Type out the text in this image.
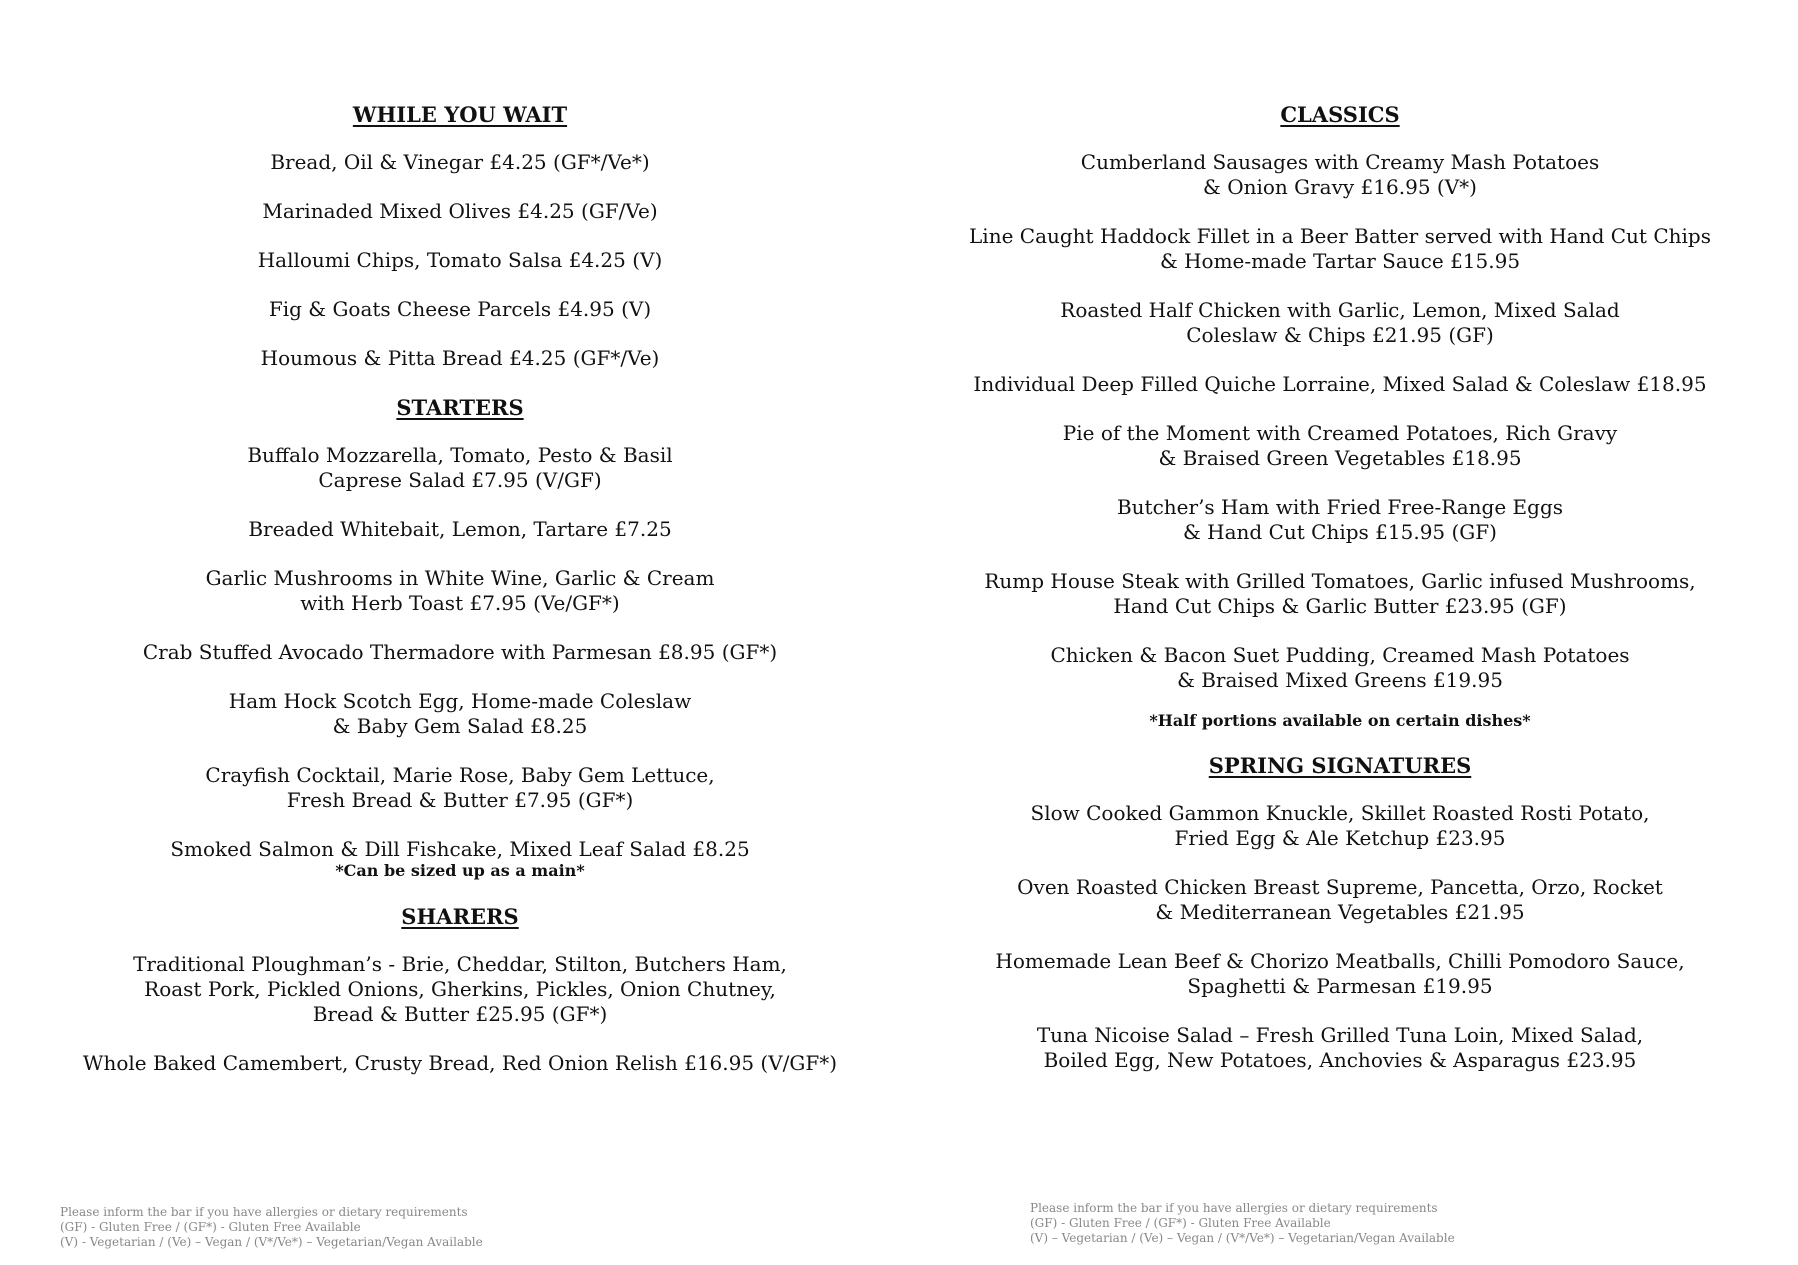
WHILE YOU WAIT
Bread, Oil & Vinegar £4.25 (GF*/Ve*)
Marinaded Mixed Olives £4.25 (GF/Ve)
Halloumi Chips, Tomato Salsa £4.25 (V)
Fig & Goats Cheese Parcels £4.95 (V)
Houmous & Pitta Bread £4.25 (GF*/Ve)
STARTERS
Buffalo Mozzarella, Tomato, Pesto & Basil
Caprese Salad £7.95 (V/GF)
Breaded Whitebait, Lemon, Tartare £7.25
Garlic Mushrooms in White Wine, Garlic & Cream
with Herb Toast £7.95 (Ve/GF*)
Crab Stuffed Avocado Thermadore with Parmesan £8.95 (GF*)
Ham Hock Scotch Egg, Home-made Coleslaw
& Baby Gem Salad £8.25
Crayfish Cocktail, Marie Rose, Baby Gem Lettuce,
Fresh Bread & Butter £7.95 (GF*)
Smoked Salmon & Dill Fishcake, Mixed Leaf Salad £8.25
*Can be sized up as a main*
SHARERS
Traditional Ploughman’s - Brie, Cheddar, Stilton, Butchers Ham,
Roast Pork, Pickled Onions, Gherkins, Pickles, Onion Chutney,
Bread & Butter £25.95 (GF*)
Whole Baked Camembert, Crusty Bread, Red Onion Relish £16.95 (V/GF*)
CLASSICS
Cumberland Sausages with Creamy Mash Potatoes
& Onion Gravy £16.95 (V*)
Line Caught Haddock Fillet in a Beer Batter served with Hand Cut Chips
& Home-made Tartar Sauce £15.95
Roasted Half Chicken with Garlic, Lemon, Mixed Salad
Coleslaw & Chips £21.95 (GF)
Individual Deep Filled Quiche Lorraine, Mixed Salad & Coleslaw £18.95
Pie of the Moment with Creamed Potatoes, Rich Gravy
& Braised Green Vegetables £18.95
Butcher’s Ham with Fried Free-Range Eggs
& Hand Cut Chips £15.95 (GF)
Rump House Steak with Grilled Tomatoes, Garlic infused Mushrooms,
Hand Cut Chips & Garlic Butter £23.95 (GF)
Chicken & Bacon Suet Pudding, Creamed Mash Potatoes
& Braised Mixed Greens £19.95
*Half portions available on certain dishes*
SPRING SIGNATURES
Slow Cooked Gammon Knuckle, Skillet Roasted Rosti Potato,
Fried Egg & Ale Ketchup £23.95
Oven Roasted Chicken Breast Supreme, Pancetta, Orzo, Rocket
& Mediterranean Vegetables £21.95
Homemade Lean Beef & Chorizo Meatballs, Chilli Pomodoro Sauce,
Spaghetti & Parmesan £19.95
Tuna Nicoise Salad – Fresh Grilled Tuna Loin, Mixed Salad,
Boiled Egg, New Potatoes, Anchovies & Asparagus £23.95
Please inform the bar if you have allergies or dietary requirements
(GF) - Gluten Free / (GF*) - Gluten Free Available
(V) - Vegetarian / (Ve) – Vegan / (V*/Ve*) – Vegetarian/Vegan Available
Please inform the bar if you have allergies or dietary requirements
(GF) - Gluten Free / (GF*) - Gluten Free Available
(V) – Vegetarian / (Ve) – Vegan / (V*/Ve*) – Vegetarian/Vegan Available
